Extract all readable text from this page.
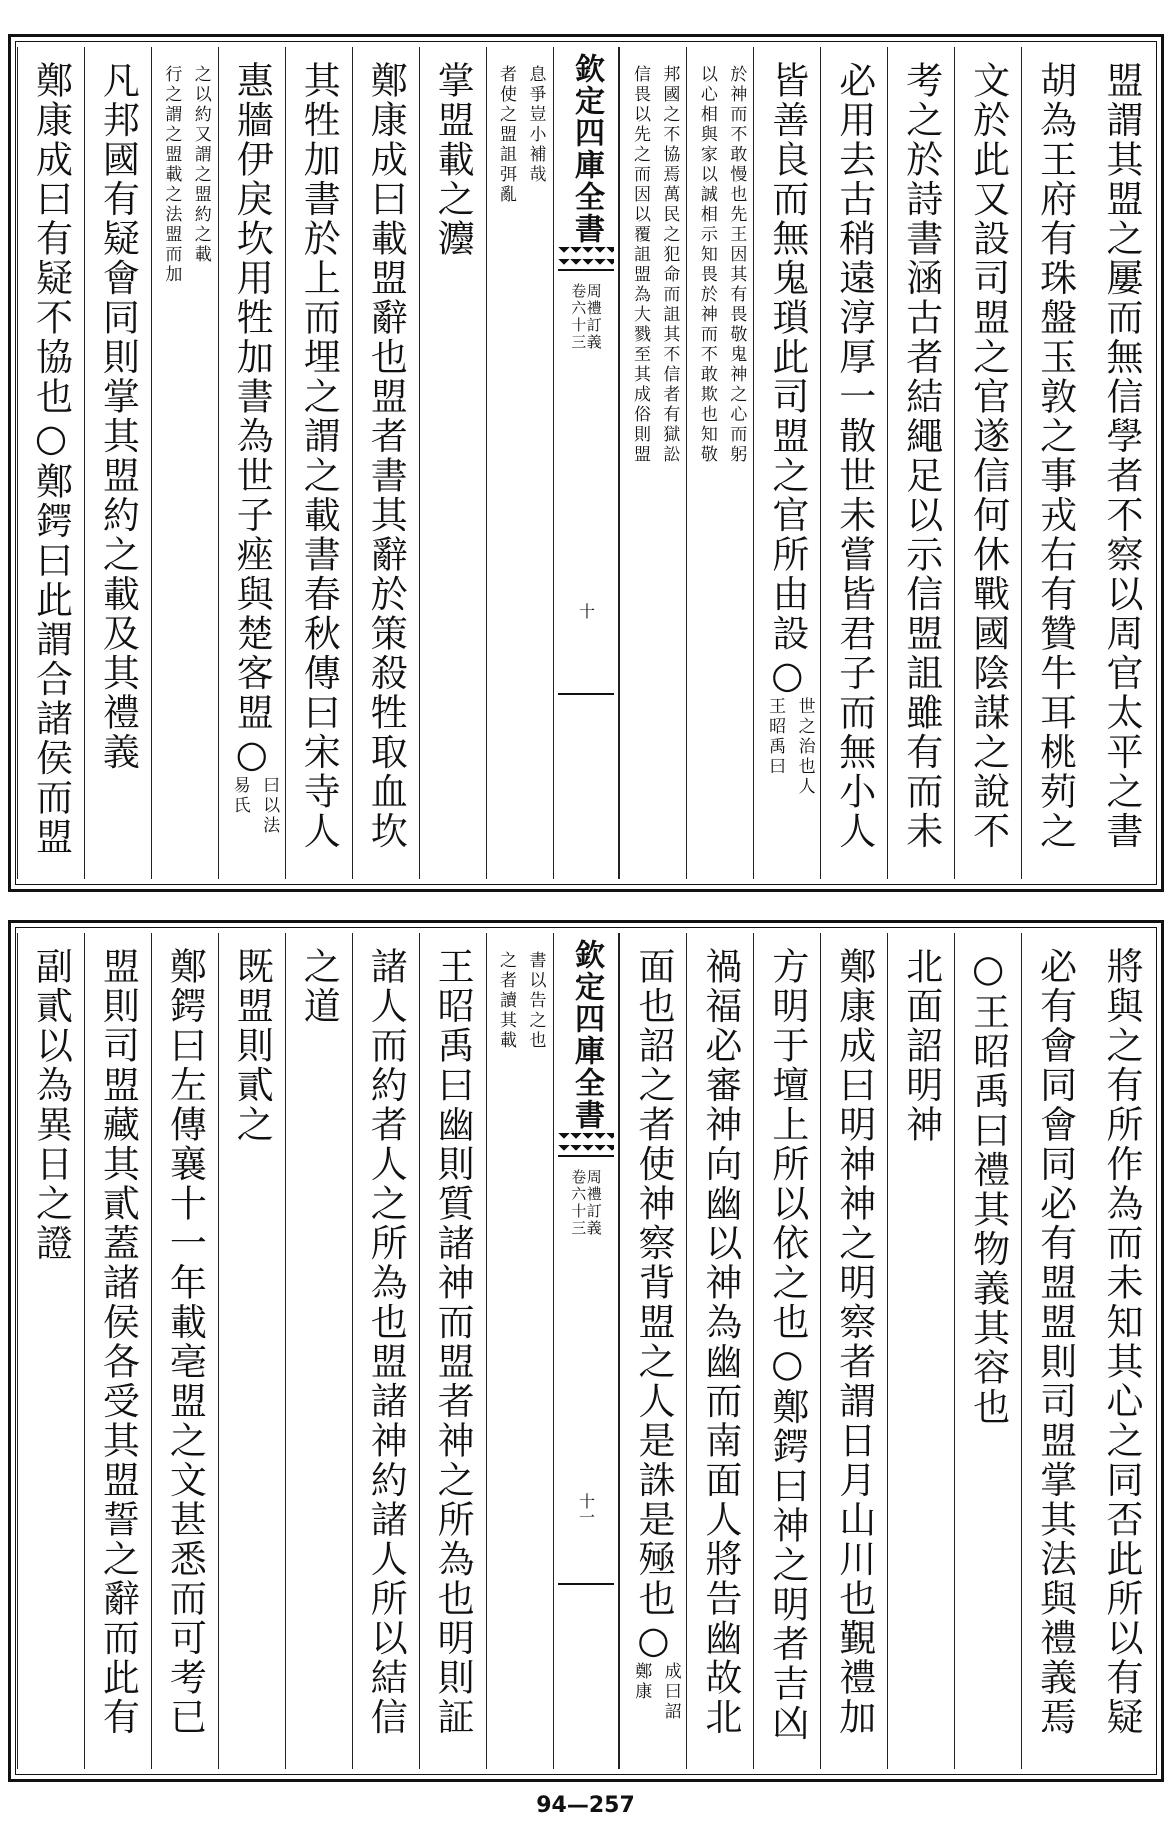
盟謂其盟之屢而無信學者不察以周官太平之書
胡為王府有珠盤玉敦之事戎右有贊牛耳桃茢之
文於此又設司盟之官遂信何休戰國陰謀之說不
考之於詩書涵古者結繩足以示信盟詛雖有而未
必用去古稍遠淳厚一散世未嘗皆君子而無小人
皆善良而無鬼瑣此司盟之官所由設○
王昭禹曰 世之治也人
以心相與家以誠相示知畏於神而不敢欺也知敬 於神而不敢慢也先王因其有畏敬鬼神之心而躬
信畏以先之而因以覆詛盟為大戮至其成俗則盟 邦國之不協焉萬民之犯命而詛其不信者有獄訟
欽定四庫全書
周禮訂義
卷六十三
十
者使之盟詛弭亂 息爭豈小補哉
掌盟載之灋
鄭康成曰載盟辭也盟者書其辭於策殺牲取血坎
其牲加書於上而埋之謂之載書春秋傳曰宋寺人
惠牆伊戾坎用牲加書為世子痤與楚客盟○
易氏 曰以法
行之謂之盟載之法盟而加 之以約又謂之盟約之載
凡邦國有疑會同則掌其盟約之載及其禮義
鄭康成曰有疑不協也○鄭鍔曰此謂合諸侯而盟
將與之有所作為而未知其心之同否此所以有疑
必有會同會同必有盟盟則司盟掌其法與禮義焉
○王昭禹曰禮其物義其容也
北面詔明神
鄭康成曰明神神之明察者謂日月山川也覲禮加
方明于壇上所以依之也○鄭鍔曰神之明者吉凶
禍福必審神向幽以神為幽而南面人將告幽故北
面也詔之者使神察背盟之人是誅是殛也○
鄭康 成曰詔
欽定四庫全書
周禮訂義
卷六十三
十一
之者讀其載 書以告之也
王昭禹曰幽則質諸神而盟者神之所為也明則証
諸人而約者人之所為也盟諸神約諸人所以結信
之道
既盟則貳之
鄭鍔曰左傳襄十一年載亳盟之文甚悉而可考已
盟則司盟藏其貳蓋諸侯各受其盟誓之辭而此有
副貳以為異日之證
94—257
